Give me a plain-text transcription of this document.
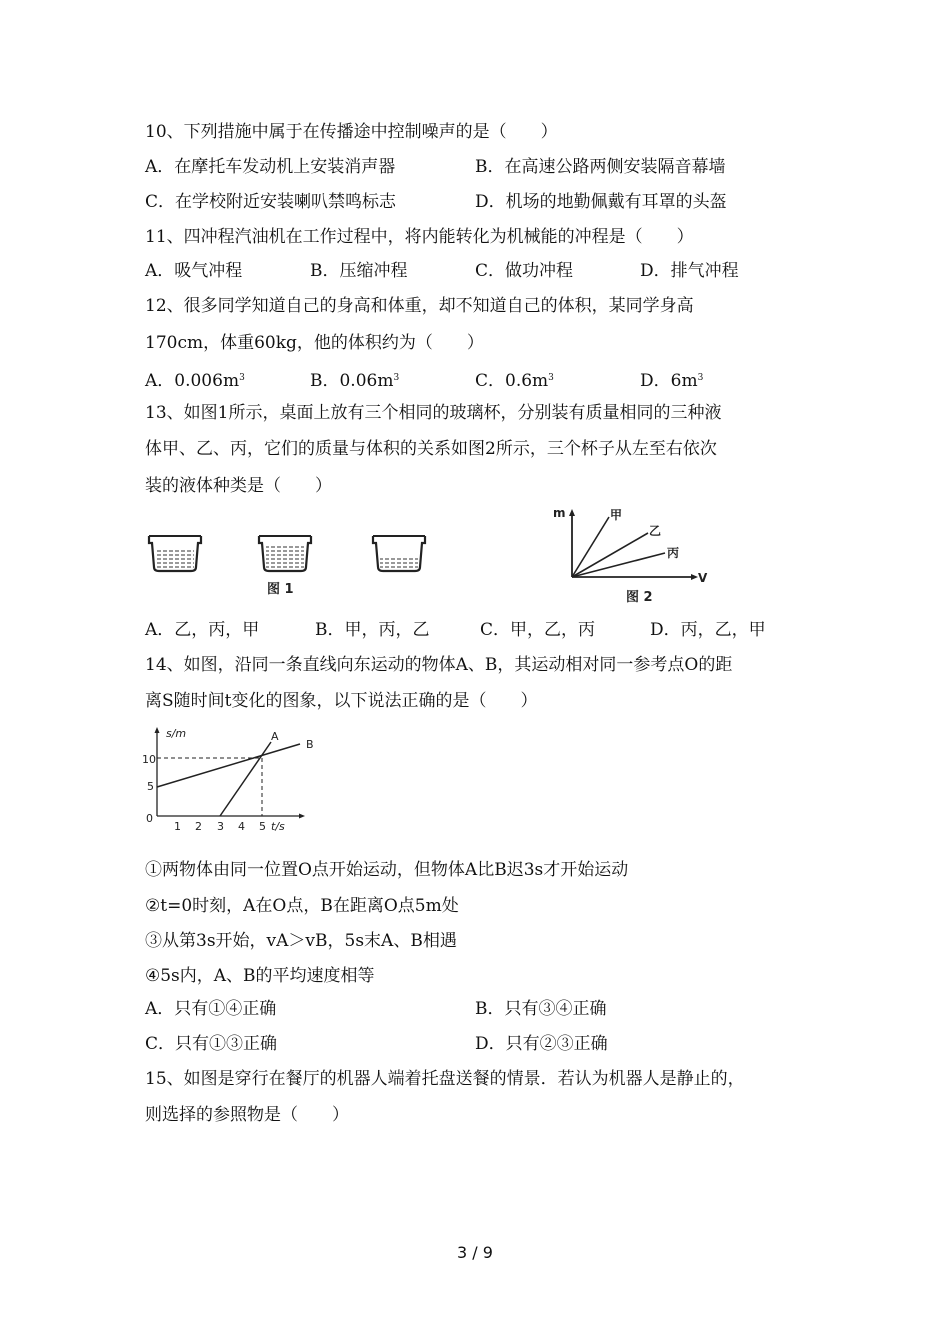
10、下列措施中属于在传播途中控制噪声的是（　　）
A．在摩托车发动机上安装消声器	B．在高速公路两侧安装隔音幕墙
C．在学校附近安装喇叭禁鸣标志	D．机场的地勤佩戴有耳罩的头盔
11、四冲程汽油机在工作过程中，将内能转化为机械能的冲程是（　　）
A．吸气冲程	B．压缩冲程	C．做功冲程	D．排气冲程
12、很多同学知道自己的身高和体重，却不知道自己的体积，某同学身高
170cm，体重60kg，他的体积约为（　　）
A．$0.006m^3$	B．$0.06m^3$	C．$0.6m^3$	D．$6m^3$
13、如图1所示，桌面上放有三个相同的玻璃杯，分别装有质量相同的三种液
体甲、乙、丙，它们的质量与体积的关系如图2所示，三个杯子从左至右依次
装的液体种类是（　　）
图 1
m
V
甲
乙
丙
图 2
A．乙，丙，甲	B．甲，丙，乙	C．甲，乙，丙	D．丙，乙，甲
14、如图，沿同一条直线向东运动的物体A、B，其运动相对同一参考点O的距
离S随时间t变化的图象，以下说法正确的是（　　）
s/m
t/s
10
5
0
1 2 3 4 5
A
B
①两物体由同一位置O点开始运动，但物体A比B迟3s才开始运动
②t=0时刻，A在O点，B在距离O点5m处
③从第3s开始，vA＞vB，5s末A、B相遇
④5s内，A、B的平均速度相等
A．只有①④正确	B．只有③④正确
C．只有①③正确	D．只有②③正确
15、如图是穿行在餐厅的机器人端着托盘送餐的情景．若认为机器人是静止的，
则选择的参照物是（　　）
3 / 9
